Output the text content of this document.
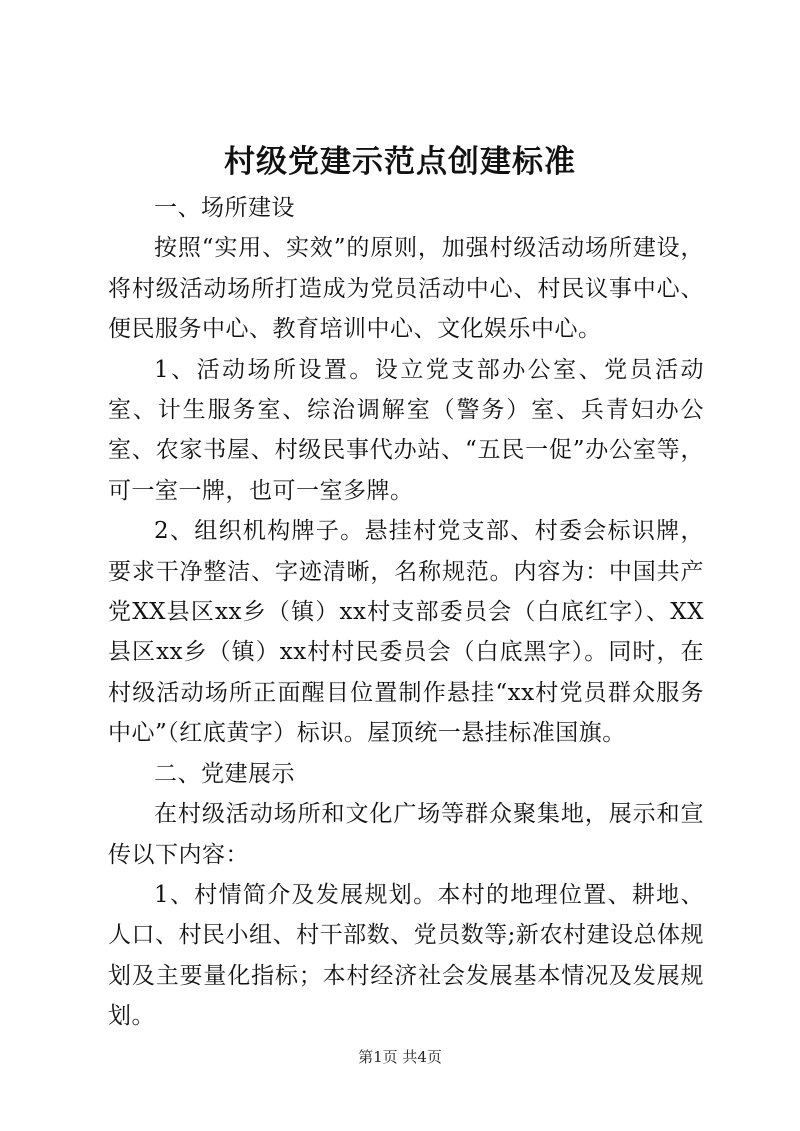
村级党建示范点创建标准

一、场所建设

按照“实用、实效”的原则，加强村级活动场所建设，将村级活动场所打造成为党员活动中心、村民议事中心、便民服务中心、教育培训中心、文化娱乐中心。

1、活动场所设置。设立党支部办公室、党员活动室、计生服务室、综治调解室（警务）室、兵青妇办公室、农家书屋、村级民事代办站、“五民一促”办公室等，可一室一牌，也可一室多牌。

2、组织机构牌子。悬挂村党支部、村委会标识牌，要求干净整洁、字迹清晰，名称规范。内容为：中国共产党XX县区xx乡（镇）xx村支部委员会（白底红字）、XX县区xx乡（镇）xx村村民委员会（白底黑字）。同时，在村级活动场所正面醒目位置制作悬挂“xx村党员群众服务中心”（红底黄字）标识。屋顶统一悬挂标准国旗。

二、党建展示

在村级活动场所和文化广场等群众聚集地，展示和宣传以下内容：

1、村情简介及发展规划。本村的地理位置、耕地、人口、村民小组、村干部数、党员数等;新农村建设总体规划及主要量化指标；本村经济社会发展基本情况及发展规划。

第1页 共4页
